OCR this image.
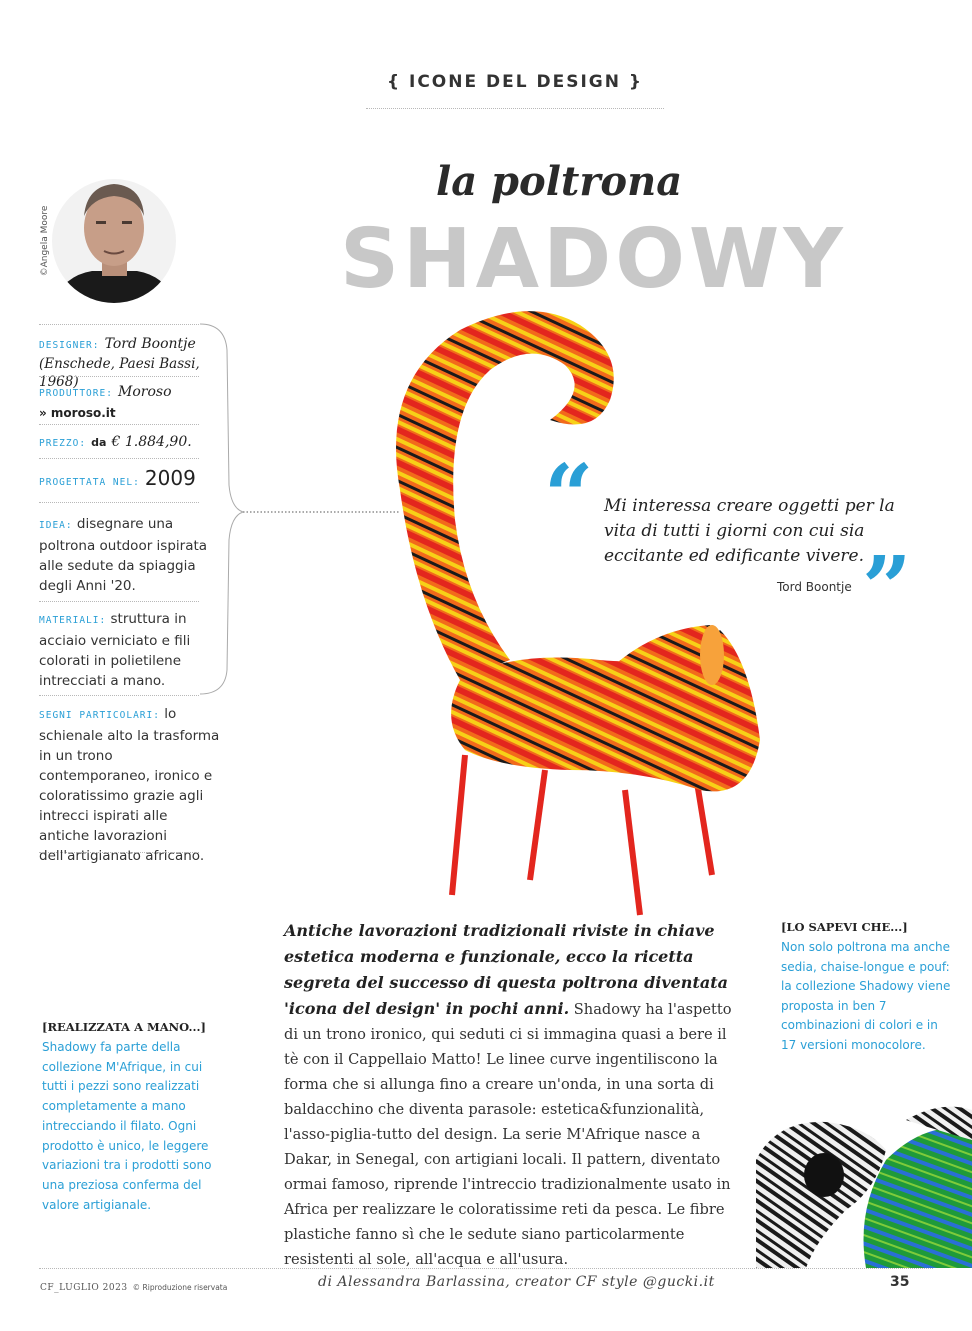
{ ICONE DEL DESIGN }
la poltrona
SHADOWY
©Angela Moore
DESIGNER: Tord Boontje
(Enschede, Paesi Bassi, 1968)
PRODUTTORE: Moroso
» moroso.it
PREZZO: da € 1.884,90.
PROGETTATA NEL: 2009
IDEA: disegnare una poltrona outdoor ispirata alle sedute da spiaggia degli Anni '20.
MATERIALI: struttura in acciaio verniciato e fili colorati in polietilene intrecciati a mano.
SEGNI PARTICOLARI: lo schienale alto la trasforma in un trono contemporaneo, ironico e coloratissimo grazie agli intrecci ispirati alle antiche lavorazioni dell'artigianato africano.
“ Mi interessa creare oggetti per la vita di tutti i giorni con cui sia eccitante ed edificante vivere.
”
Tord Boontje
Antiche lavorazioni tradizionali riviste in chiave estetica moderna e funzionale, ecco la ricetta segreta del successo di questa poltrona diventata 'icona del design' in pochi anni. Shadowy ha l'aspetto di un trono ironico, qui seduti ci si immagina quasi a bere il tè con il Cappellaio Matto! Le linee curve ingentiliscono la forma che si allunga fino a creare un'onda, in una sorta di baldacchino che diventa parasole: estetica&funzionalità, l'asso-piglia-tutto del design. La serie M'Afrique nasce a Dakar, in Senegal, con artigiani locali. Il pattern, diventato ormai famoso, riprende l'intreccio tradizionalmente usato in Africa per realizzare le coloratissime reti da pesca. Le fibre plastiche fanno sì che le sedute siano particolarmente resistenti al sole, all'acqua e all'usura.
[REALIZZATA A MANO...]
Shadowy fa parte della collezione M'Afrique, in cui tutti i pezzi sono realizzati completamente a mano intrecciando il filato. Ogni prodotto è unico, le leggere variazioni tra i prodotti sono una preziosa conferma del valore artigianale.
[LO SAPEVI CHE...]
Non solo poltrona ma anche sedia, chaise-longue e pouf: la collezione Shadowy viene proposta in ben 7 combinazioni di colori e in 17 versioni monocolore.
CF_LUGLIO 2023 © Riproduzione riservata	di Alessandra Barlassina, creator CF style @gucki.it	35
